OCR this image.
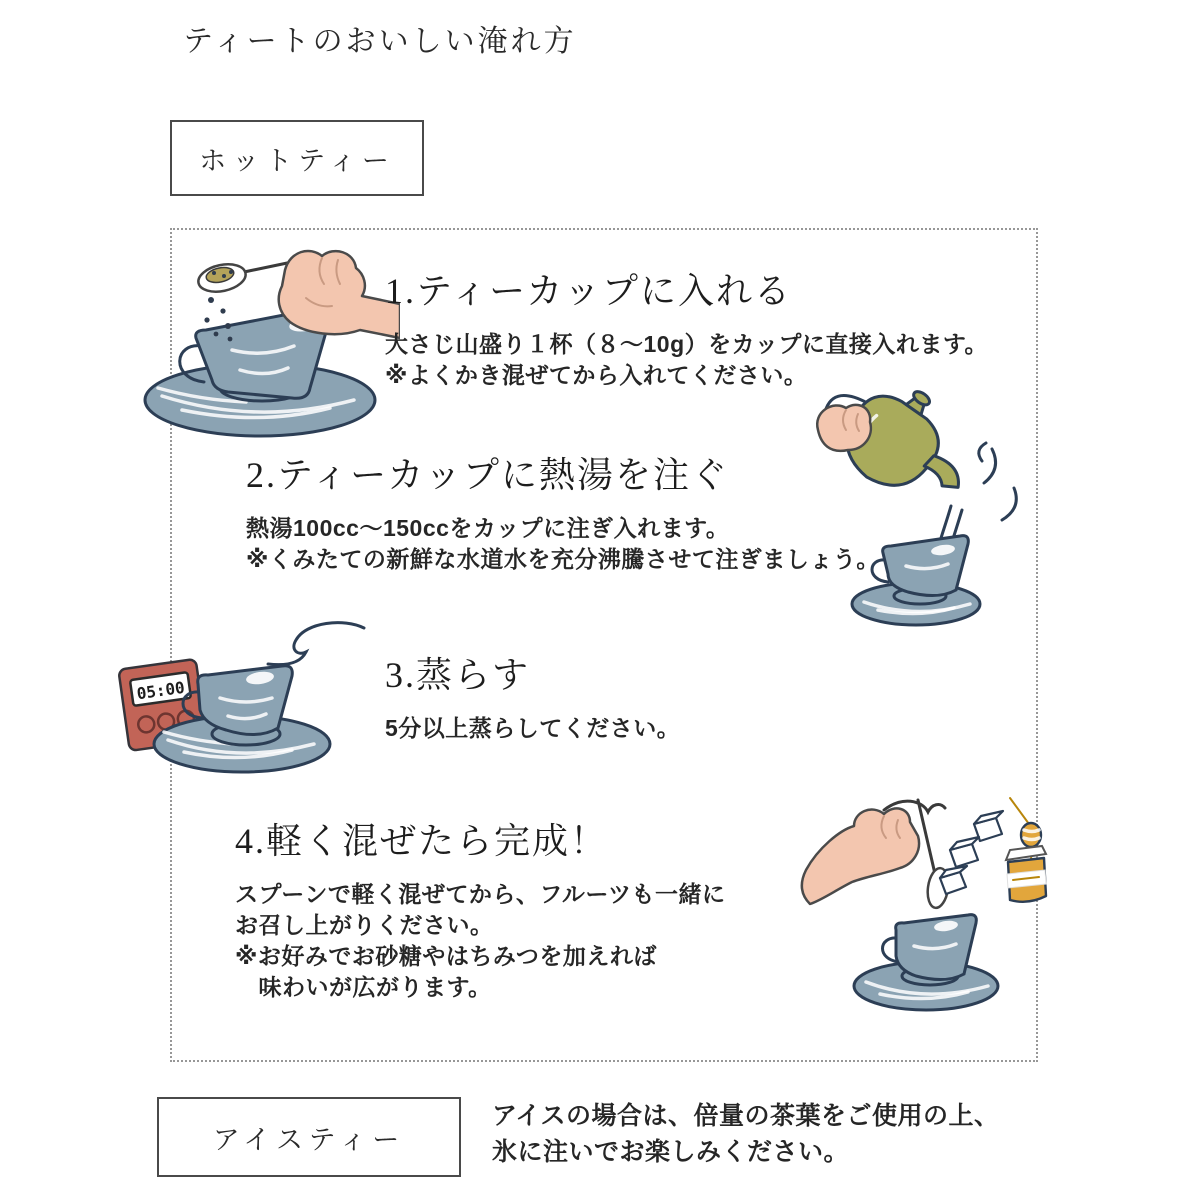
ティートのおいしい淹れ方
ホットティー
1.ティーカップに入れる
大さじ山盛り１杯（８～10g）をカップに直接入れます。
※よくかき混ぜてから入れてください。
2.ティーカップに熱湯を注ぐ
熱湯100cc～150ccをカップに注ぎ入れます。
※くみたての新鮮な水道水を充分沸騰させて注ぎましょう。
3.蒸らす
5分以上蒸らしてください。
4.軽く混ぜたら完成！
スプーンで軽く混ぜてから、フルーツも一緒に
お召し上がりください。
※お好みでお砂糖やはちみつを加えれば
　味わいが広がります。
05:00
アイスティー
アイスの場合は、倍量の茶葉をご使用の上、
氷に注いでお楽しみください。
